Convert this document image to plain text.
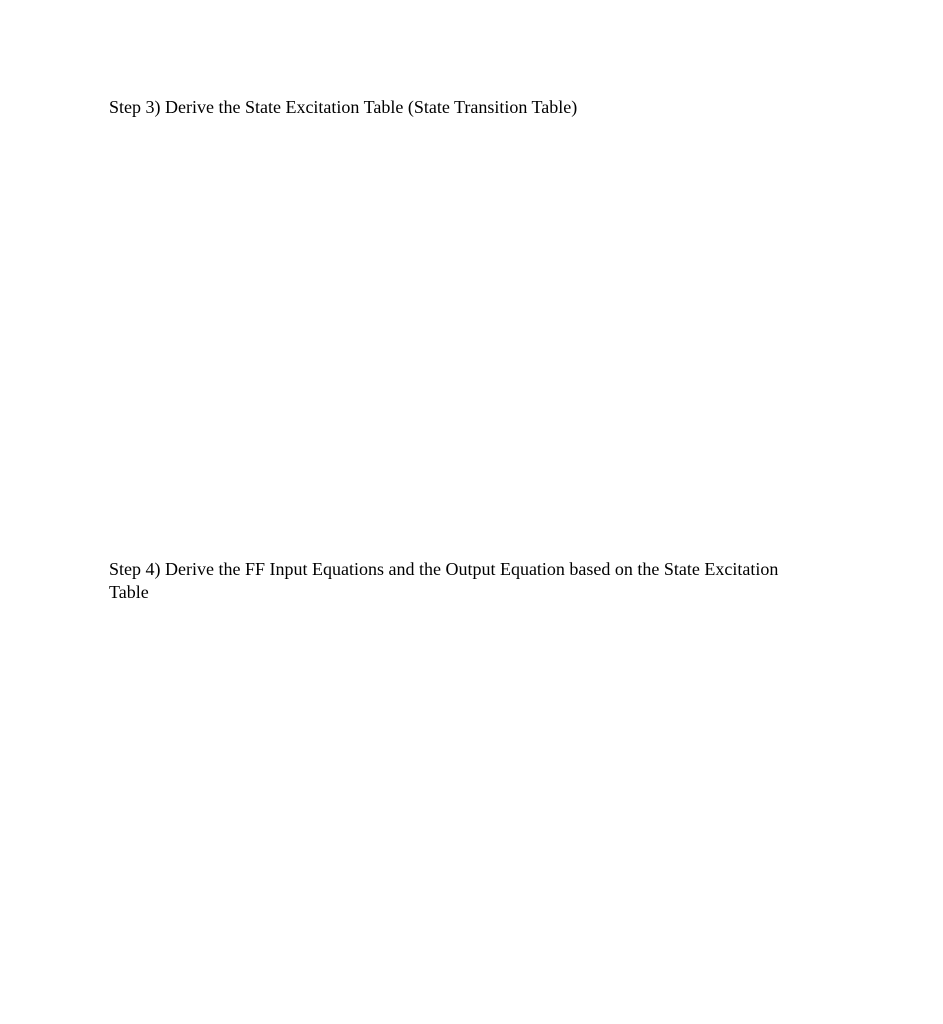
Step 3) Derive the State Excitation Table (State Transition Table)

Step 4) Derive the FF Input Equations and the Output Equation based on the State Excitation Table
